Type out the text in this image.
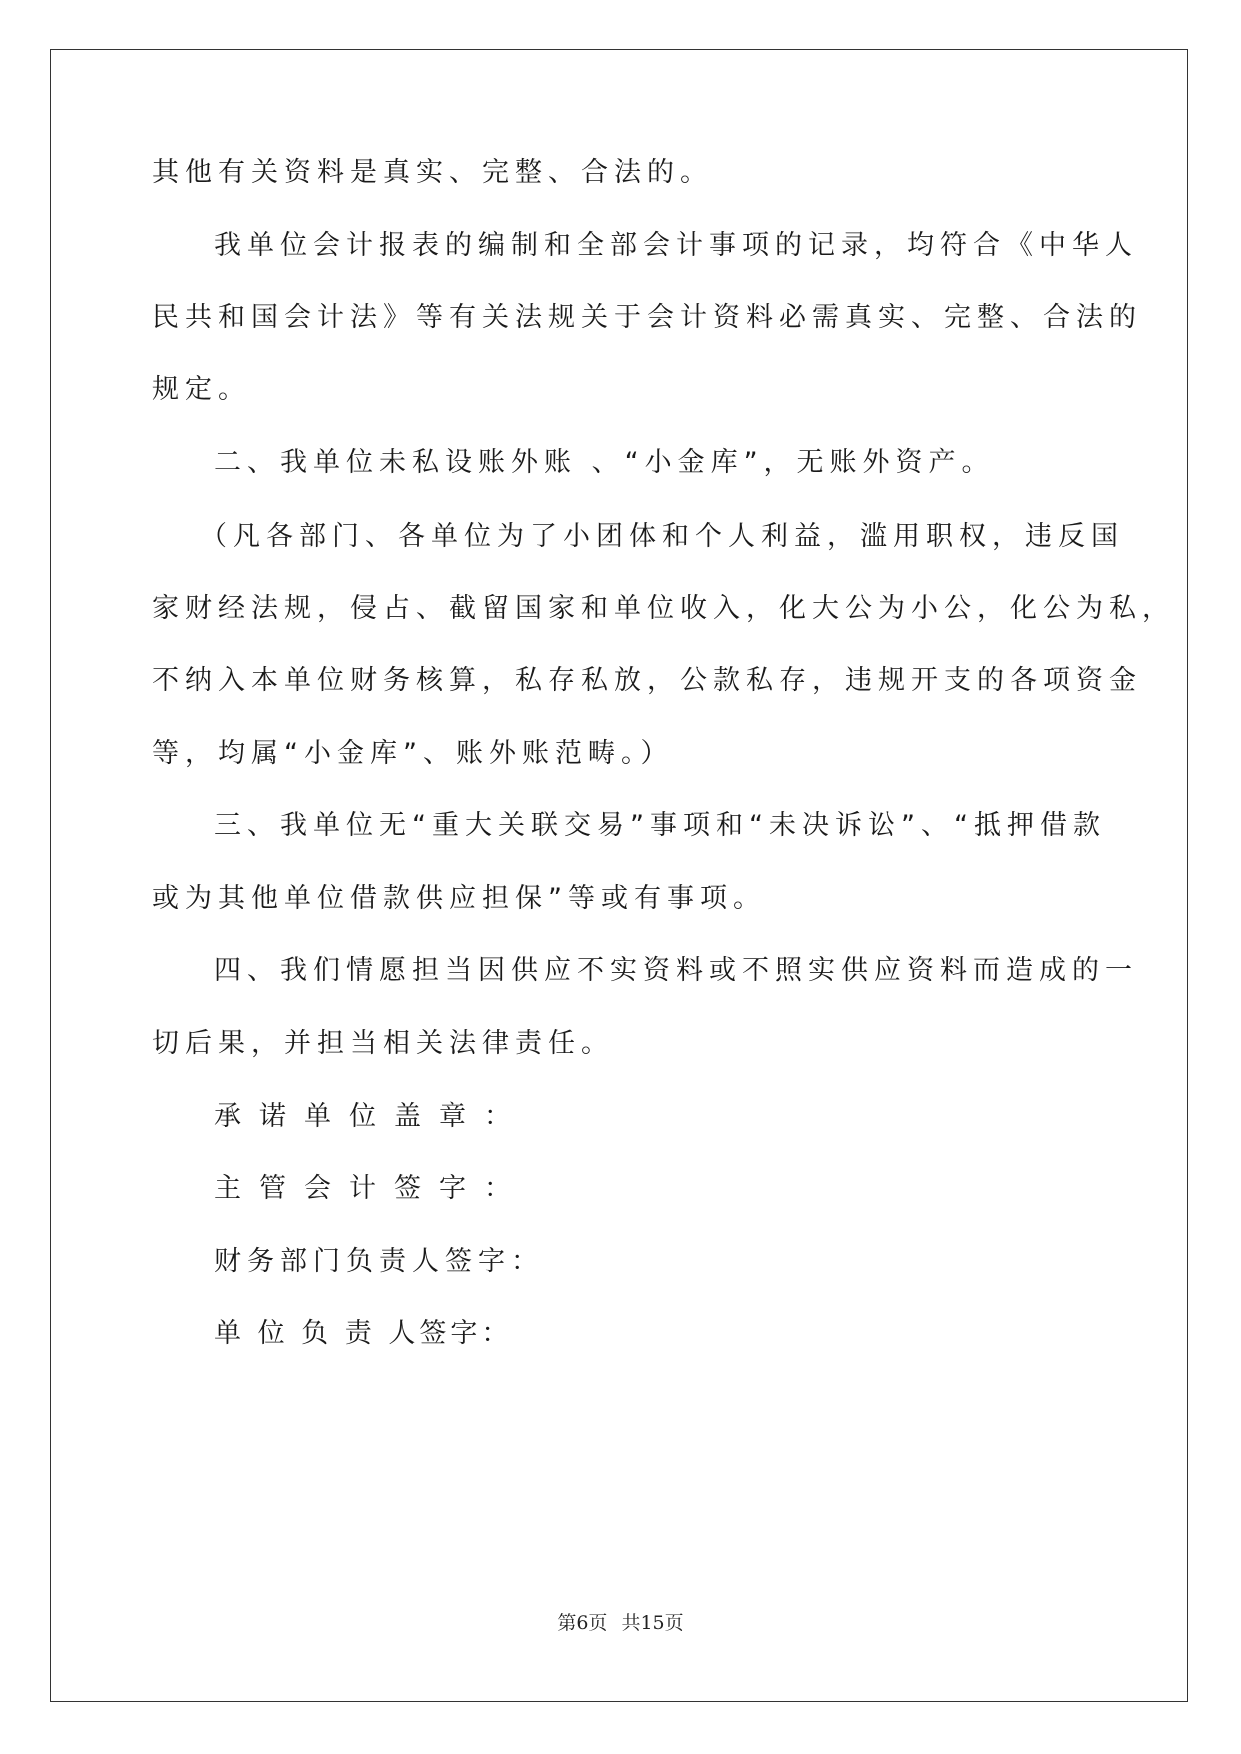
其他有关资料是真实、完整、合法的。
我单位会计报表的编制和全部会计事项的记录，均符合《中华人
民共和国会计法》等有关法规关于会计资料必需真实、完整、合法的
规定。
二、我单位未私设账外账 、“小金库”，无账外资产。
（凡各部门、各单位为了小团体和个人利益，滥用职权，违反国
家财经法规，侵占、截留国家和单位收入，化大公为小公，化公为私，
不纳入本单位财务核算，私存私放，公款私存，违规开支的各项资金
等，均属“小金库”、账外账范畴。）
三、我单位无“重大关联交易”事项和“未决诉讼”、“抵押借款
或为其他单位借款供应担保”等或有事项。
四、我们情愿担当因供应不实资料或不照实供应资料而造成的一
切后果，并担当相关法律责任。
承诺单位盖章：
主管会计签字：
财务部门负责人签字：
单 位 负 责 人签字：
第6页 共15页
